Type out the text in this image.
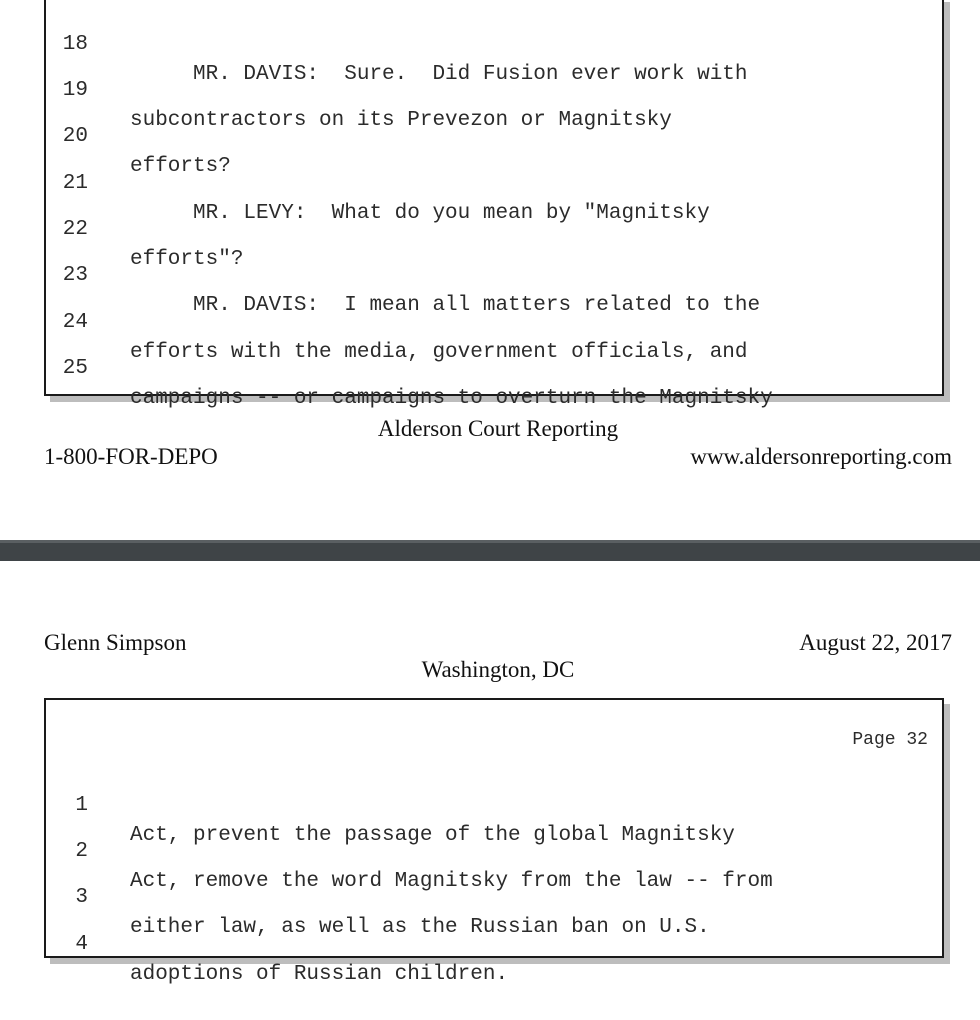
18

MR. DAVIS:  Sure.  Did Fusion ever work with

19

subcontractors on its Prevezon or Magnitsky

20

efforts?

21

MR. LEVY:  What do you mean by "Magnitsky

22

efforts"?

23

MR. DAVIS:  I mean all matters related to the

24

efforts with the media, government officials, and

25

campaigns -- or campaigns to overturn the Magnitsky

Alderson Court Reporting
1-800-FOR-DEPO	www.aldersonreporting.com
Glenn Simpson	August 22, 2017
Washington, DC
Page 32

1

Act, prevent the passage of the global Magnitsky

2

Act, remove the word Magnitsky from the law -- from

3

either law, as well as the Russian ban on U.S.

4

adoptions of Russian children.
